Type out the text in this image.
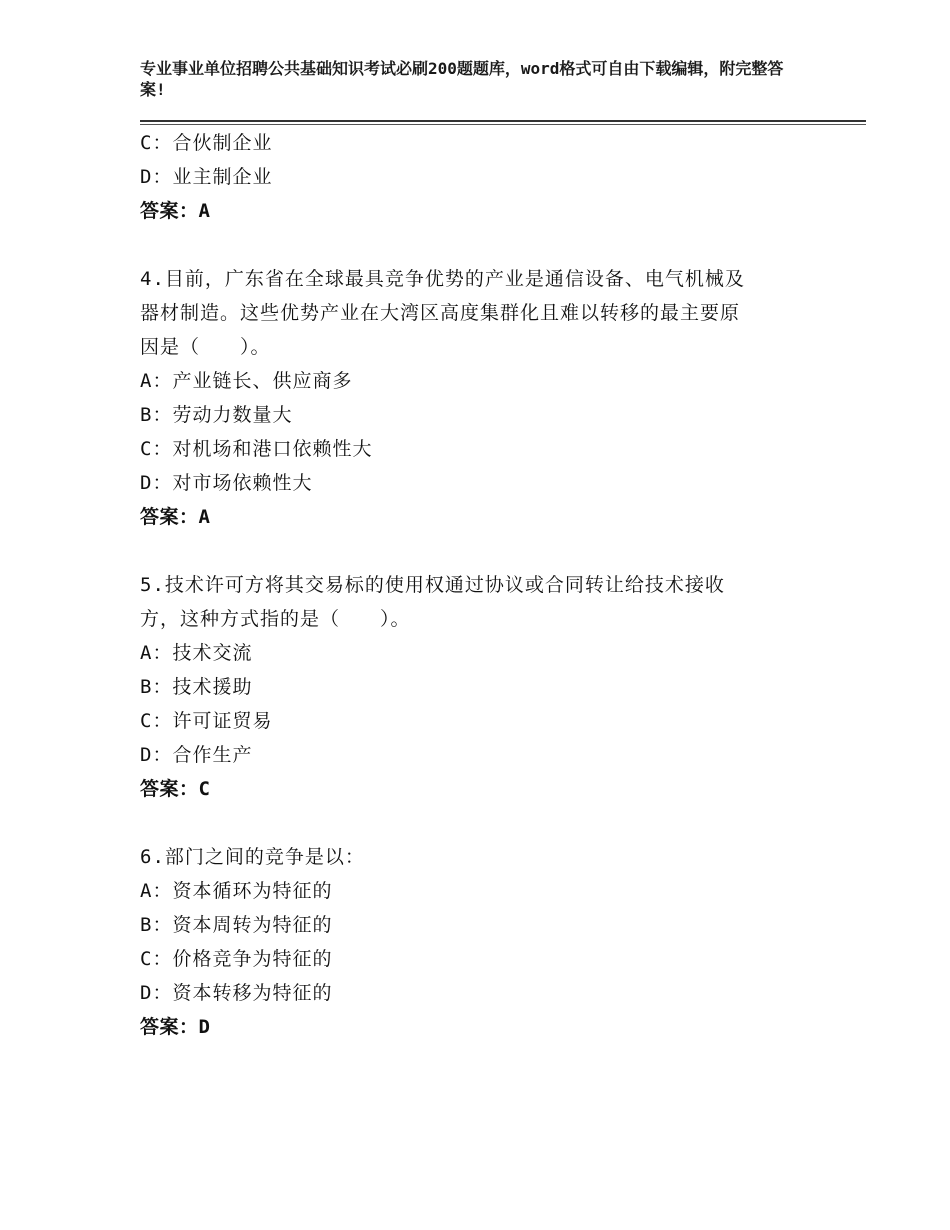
专业事业单位招聘公共基础知识考试必刷200题题库，word格式可自由下载编辑，附完整答案!
C：合伙制企业
D：业主制企业
答案：A
4.目前，广东省在全球最具竞争优势的产业是通信设备、电气机械及
器材制造。这些优势产业在大湾区高度集群化且难以转移的最主要原
因是（　　）。
A：产业链长、供应商多
B：劳动力数量大
C：对机场和港口依赖性大
D：对市场依赖性大
答案：A
5.技术许可方将其交易标的使用权通过协议或合同转让给技术接收
方，这种方式指的是（　　）。
A：技术交流
B：技术援助
C：许可证贸易
D：合作生产
答案：C
6.部门之间的竞争是以：
A：资本循环为特征的
B：资本周转为特征的
C：价格竞争为特征的
D：资本转移为特征的
答案：D
